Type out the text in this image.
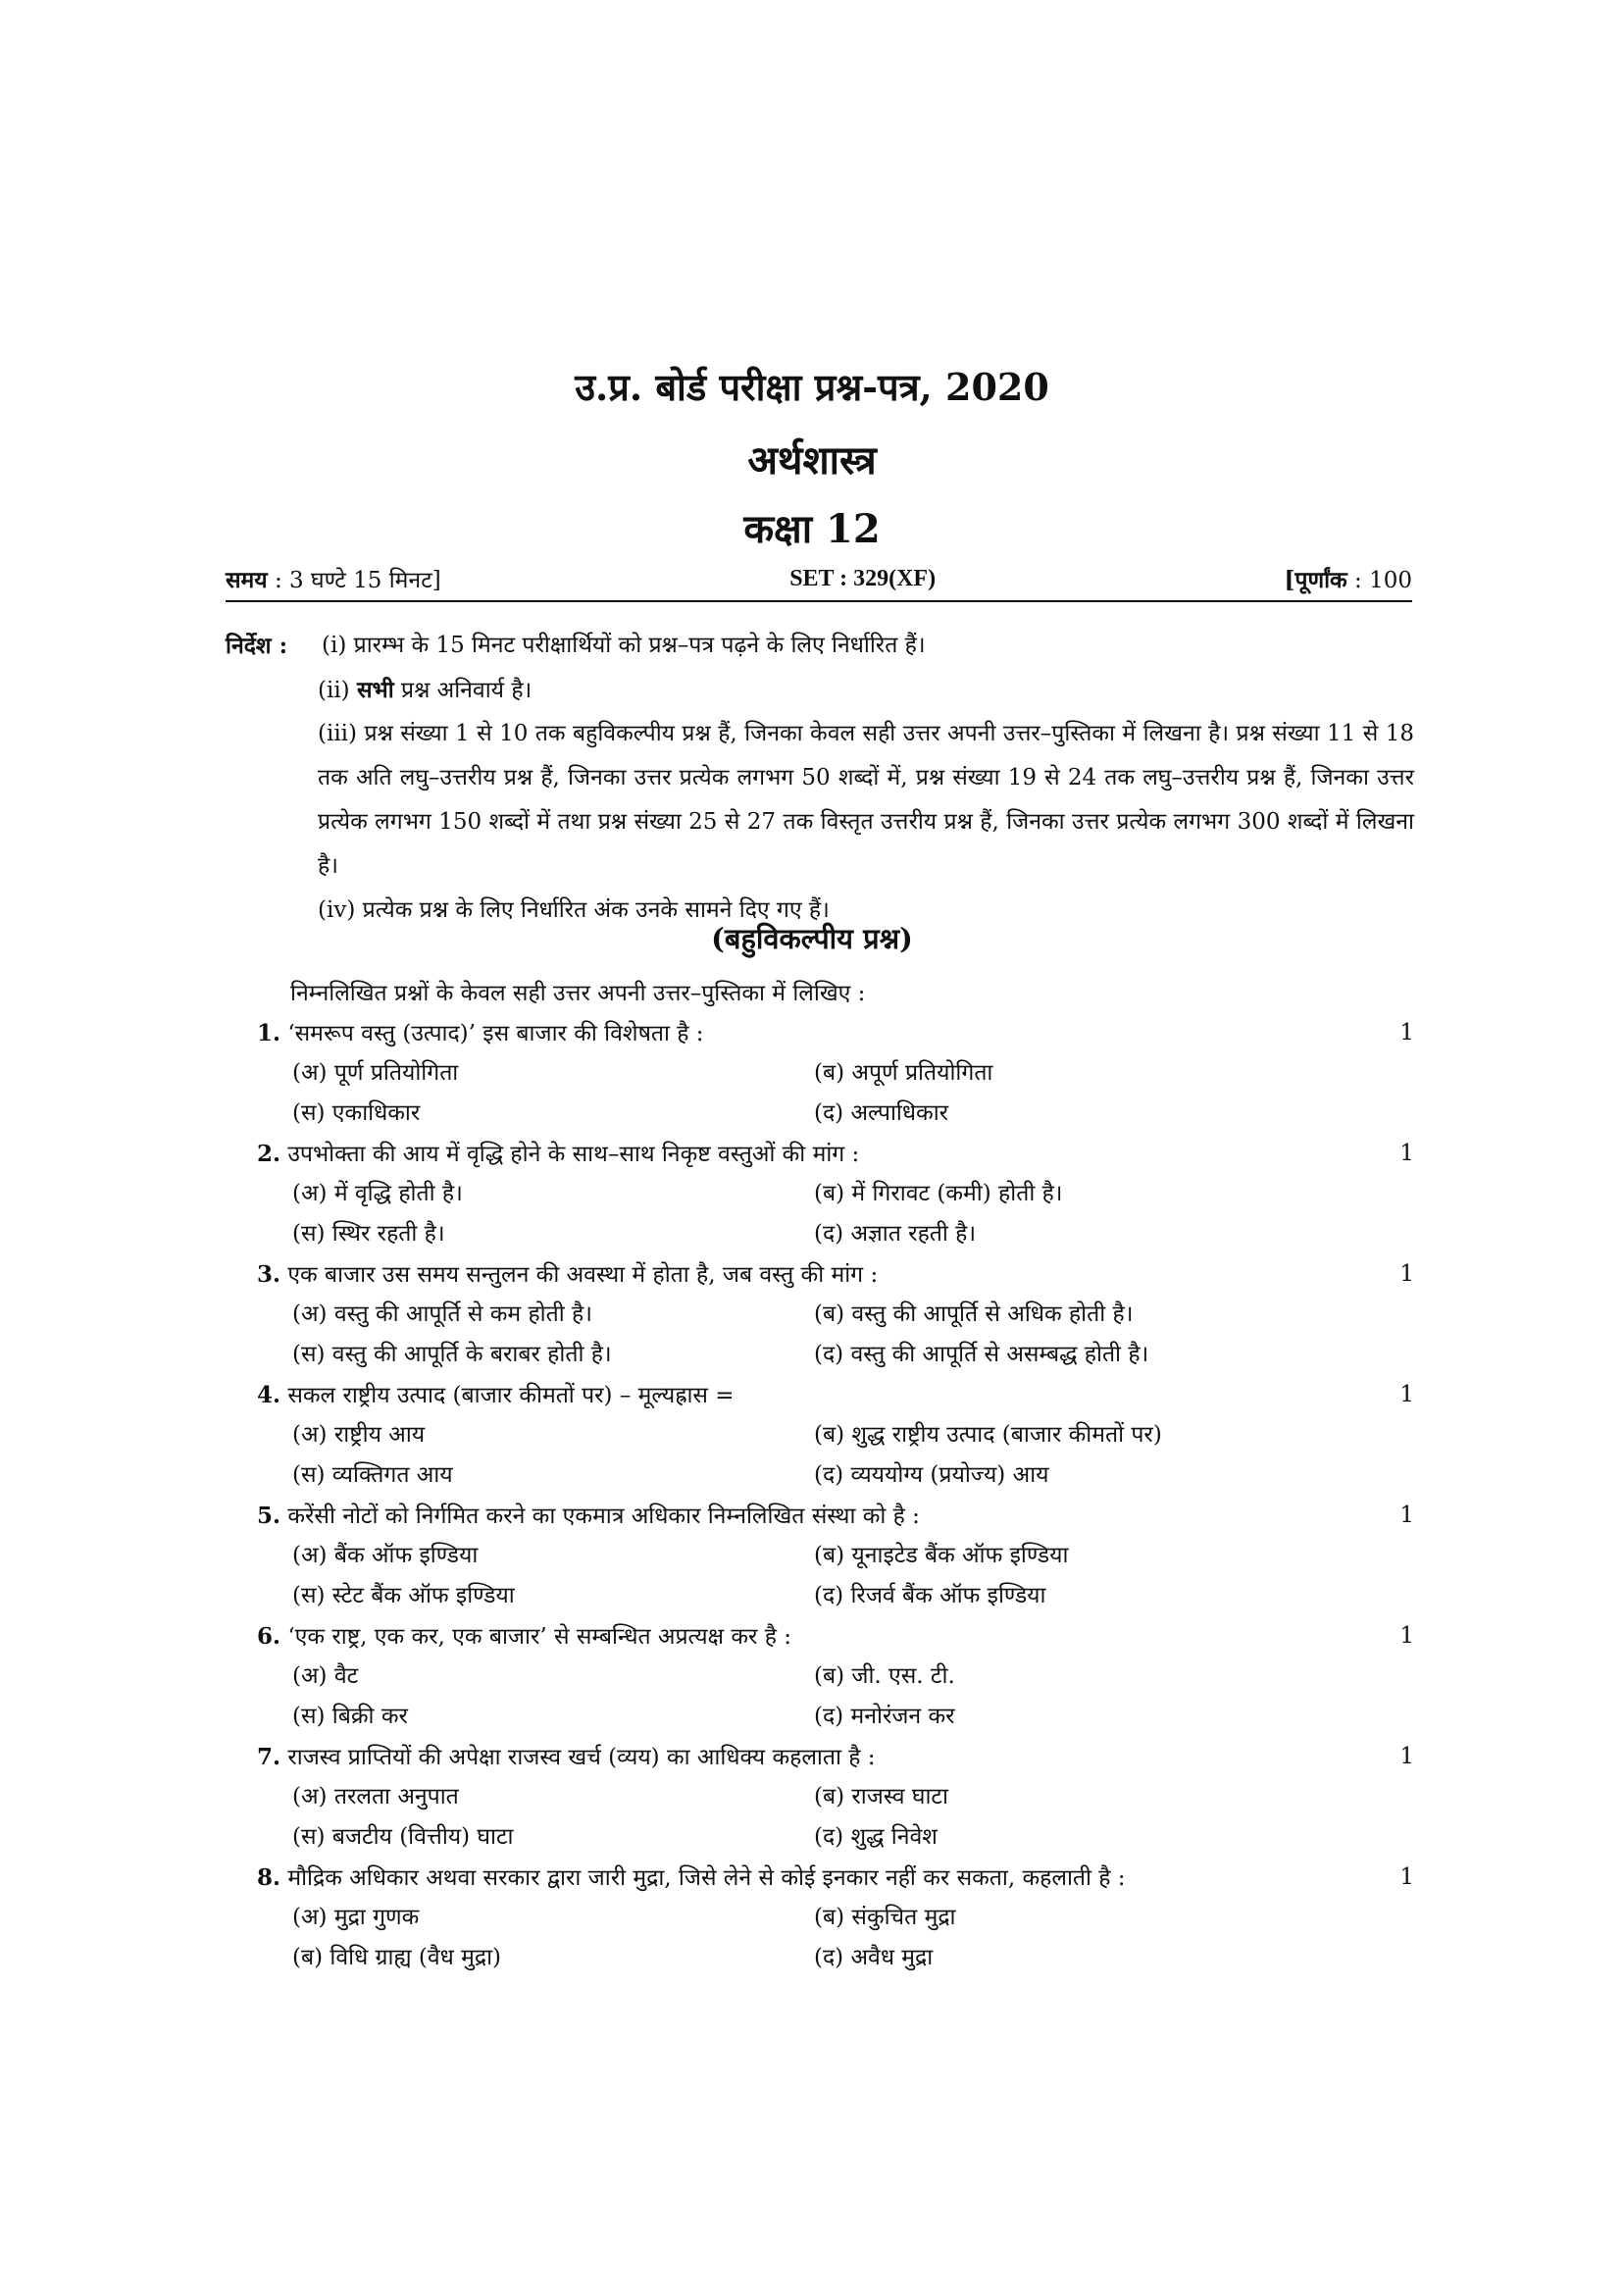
उ.प्र. बोर्ड परीक्षा प्रश्न-पत्र, 2020
अर्थशास्त्र
कक्षा 12
समय : 3 घण्टे 15 मिनट]	SET : 329(XF)	[पूर्णांक : 100
निर्देश : (i) प्रारम्भ के 15 मिनट परीक्षार्थियों को प्रश्न–पत्र पढ़ने के लिए निर्धारित हैं।
(ii) सभी प्रश्न अनिवार्य है।
(iii) प्रश्न संख्या 1 से 10 तक बहुविकल्पीय प्रश्न हैं, जिनका केवल सही उत्तर अपनी उत्तर–पुस्तिका में लिखना है। प्रश्न संख्या 11 से 18 तक अति लघु–उत्तरीय प्रश्न हैं, जिनका उत्तर प्रत्येक लगभग 50 शब्दों में, प्रश्न संख्या 19 से 24 तक लघु–उत्तरीय प्रश्न हैं, जिनका उत्तर प्रत्येक लगभग 150 शब्दों में तथा प्रश्न संख्या 25 से 27 तक विस्तृत उत्तरीय प्रश्न हैं, जिनका उत्तर प्रत्येक लगभग 300 शब्दों में लिखना है।
(iv) प्रत्येक प्रश्न के लिए निर्धारित अंक उनके सामने दिए गए हैं।
(बहुविकल्पीय प्रश्न)
निम्नलिखित प्रश्नों के केवल सही उत्तर अपनी उत्तर–पुस्तिका में लिखिए :
1. ‘समरूप वस्तु (उत्पाद)’ इस बाजार की विशेषता है :	1
(अ) पूर्ण प्रतियोगिता	(ब) अपूर्ण प्रतियोगिता
(स) एकाधिकार	(द) अल्पाधिकार
2. उपभोक्ता की आय में वृद्धि होने के साथ–साथ निकृष्ट वस्तुओं की मांग :	1
(अ) में वृद्धि होती है।	(ब) में गिरावट (कमी) होती है।
(स) स्थिर रहती है।	(द) अज्ञात रहती है।
3. एक बाजार उस समय सन्तुलन की अवस्था में होता है, जब वस्तु की मांग :	1
(अ) वस्तु की आपूर्ति से कम होती है।	(ब) वस्तु की आपूर्ति से अधिक होती है।
(स) वस्तु की आपूर्ति के बराबर होती है।	(द) वस्तु की आपूर्ति से असम्बद्ध होती है।
4. सकल राष्ट्रीय उत्पाद (बाजार कीमतों पर) – मूल्यह्रास =	1
(अ) राष्ट्रीय आय	(ब) शुद्ध राष्ट्रीय उत्पाद (बाजार कीमतों पर)
(स) व्यक्तिगत आय	(द) व्यययोग्य (प्रयोज्य) आय
5. करेंसी नोटों को निर्गमित करने का एकमात्र अधिकार निम्नलिखित संस्था को है :	1
(अ) बैंक ऑफ इण्डिया	(ब) यूनाइटेड बैंक ऑफ इण्डिया
(स) स्टेट बैंक ऑफ इण्डिया	(द) रिजर्व बैंक ऑफ इण्डिया
6. ‘एक राष्ट्र, एक कर, एक बाजार’ से सम्बन्धित अप्रत्यक्ष कर है :	1
(अ) वैट	(ब) जी. एस. टी.
(स) बिक्री कर	(द) मनोरंजन कर
7. राजस्व प्राप्तियों की अपेक्षा राजस्व खर्च (व्यय) का आधिक्य कहलाता है :	1
(अ) तरलता अनुपात	(ब) राजस्व घाटा
(स) बजटीय (वित्तीय) घाटा	(द) शुद्ध निवेश
8. मौद्रिक अधिकार अथवा सरकार द्वारा जारी मुद्रा, जिसे लेने से कोई इनकार नहीं कर सकता, कहलाती है :	1
(अ) मुद्रा गुणक	(ब) संकुचित मुद्रा
(ब) विधि ग्राह्य (वैध मुद्रा)	(द) अवैध मुद्रा
